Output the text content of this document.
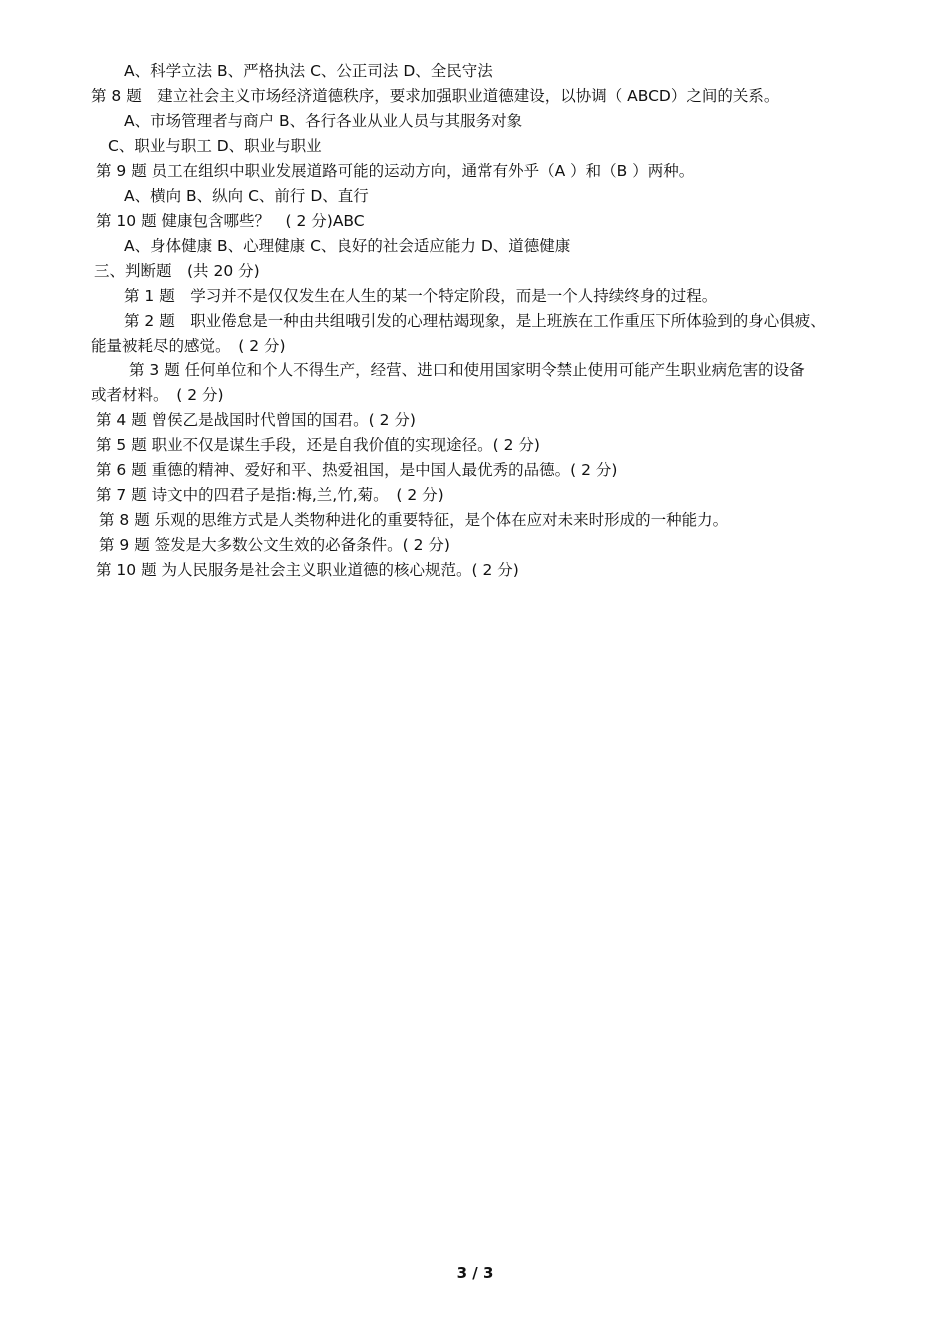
A、科学立法 B、严格执法 C、公正司法 D、全民守法
第 8 题　建立社会主义市场经济道德秩序，要求加强职业道德建设，以协调（ ABCD）之间的关系。
A、市场管理者与商户 B、各行各业从业人员与其服务对象
C、职业与职工 D、职业与职业
第 9 题 员工在组织中职业发展道路可能的运动方向，通常有外乎（A ）和（B ）两种。
A、横向 B、纵向 C、前行 D、直行
第 10 题 健康包含哪些？　( 2 分)ABC
A、身体健康 B、心理健康 C、良好的社会适应能力 D、道德健康
三、判断题　(共 20 分)
第 1 题　学习并不是仅仅发生在人生的某一个特定阶段，而是一个人持续终身的过程。
第 2 题　职业倦怠是一种由共组哦引发的心理枯竭现象，是上班族在工作重压下所体验到的身心俱疲、
能量被耗尽的感觉。　( 2 分)
第 3 题 任何单位和个人不得生产，经营、进口和使用国家明令禁止使用可能产生职业病危害的设备
或者材料。　( 2 分)
第 4 题 曾侯乙是战国时代曾国的国君。( 2 分)
第 5 题 职业不仅是谋生手段，还是自我价值的实现途径。( 2 分)
第 6 题 重德的精神、爱好和平、热爱祖国，是中国人最优秀的品德。( 2 分)
第 7 题 诗文中的四君子是指:梅,兰,竹,菊。　( 2 分)
第 8 题 乐观的思维方式是人类物种进化的重要特征，是个体在应对未来时形成的一种能力。
第 9 题 签发是大多数公文生效的必备条件。( 2 分)
第 10 题 为人民服务是社会主义职业道德的核心规范。( 2 分)
3 / 3
